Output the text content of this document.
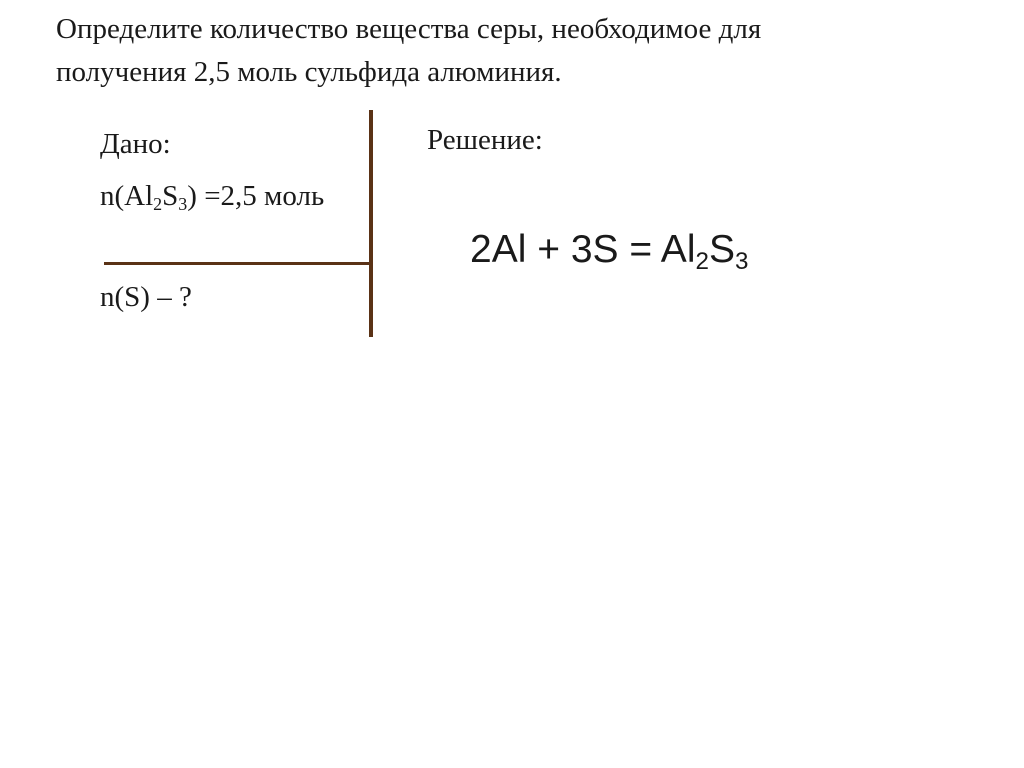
Определите количество вещества серы, необходимое для
получения 2,5 моль сульфида алюминия.

Дано:
$n(Al_2S_3) =2,5$ моль
n(S) – ?
Решение:
$2Al + 3S = Al_2S_3$
